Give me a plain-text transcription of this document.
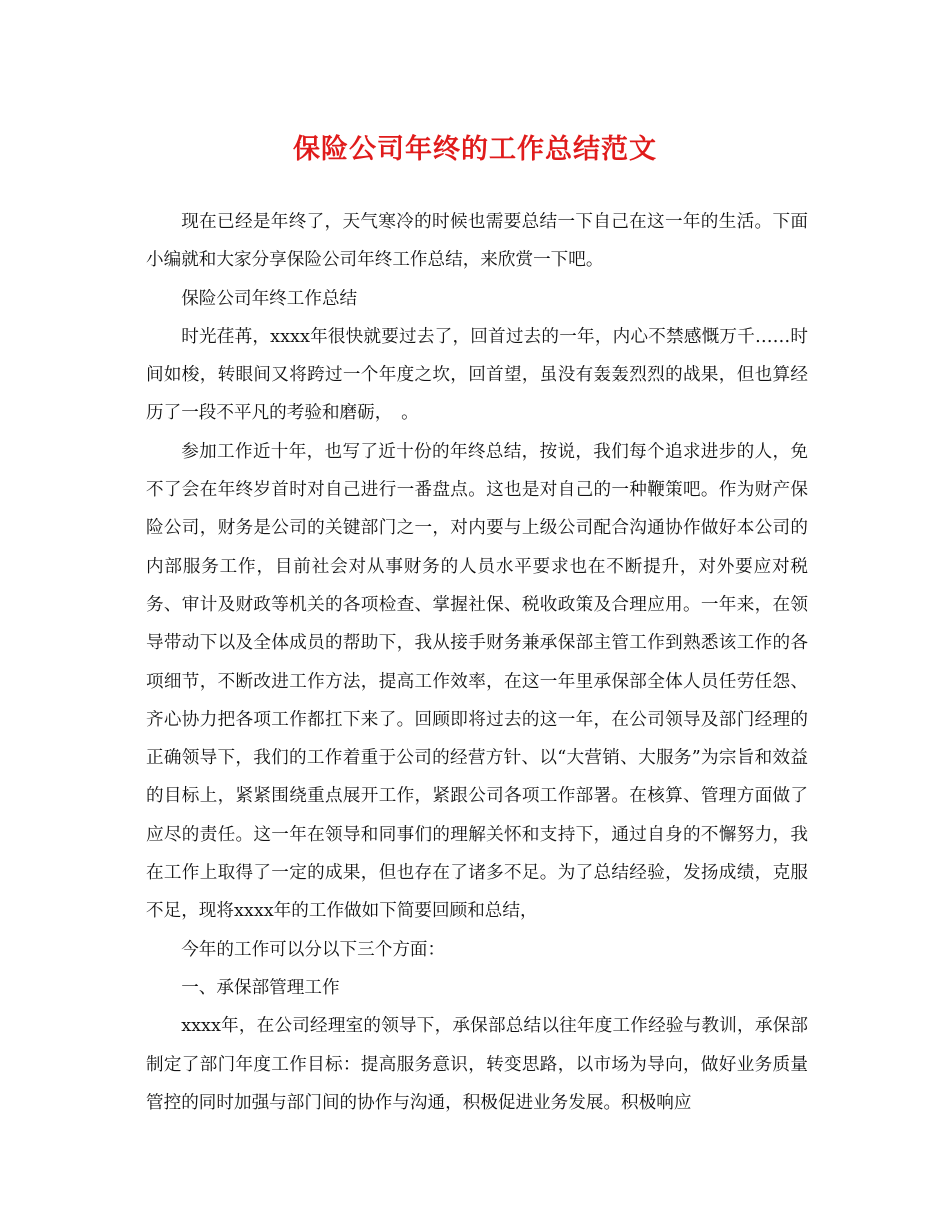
保险公司年终的工作总结范文

现在已经是年终了，天气寒冷的时候也需要总结一下自己在这一年的生活。下面小编就和大家分享保险公司年终工作总结，来欣赏一下吧。

保险公司年终工作总结

时光荏苒，xxxx年很快就要过去了，回首过去的一年，内心不禁感慨万千……时间如梭，转眼间又将跨过一个年度之坎，回首望，虽没有轰轰烈烈的战果，但也算经历了一段不平凡的考验和磨砺，　。

参加工作近十年，也写了近十份的年终总结，按说，我们每个追求进步的人，免不了会在年终岁首时对自己进行一番盘点。这也是对自己的一种鞭策吧。作为财产保险公司，财务是公司的关键部门之一，对内要与上级公司配合沟通协作做好本公司的内部服务工作，目前社会对从事财务的人员水平要求也在不断提升，对外要应对税务、审计及财政等机关的各项检查、掌握社保、税收政策及合理应用。一年来，在领导带动下以及全体成员的帮助下，我从接手财务兼承保部主管工作到熟悉该工作的各项细节，不断改进工作方法，提高工作效率，在这一年里承保部全体人员任劳任怨、齐心协力把各项工作都扛下来了。回顾即将过去的这一年，在公司领导及部门经理的正确领导下，我们的工作着重于公司的经营方针、以“大营销、大服务”为宗旨和效益的目标上，紧紧围绕重点展开工作，紧跟公司各项工作部署。在核算、管理方面做了应尽的责任。这一年在领导和同事们的理解关怀和支持下，通过自身的不懈努力，我在工作上取得了一定的成果，但也存在了诸多不足。为了总结经验，发扬成绩，克服不足，现将xxxx年的工作做如下简要回顾和总结，

今年的工作可以分以下三个方面：

一、承保部管理工作

xxxx年，在公司经理室的领导下，承保部总结以往年度工作经验与教训，承保部制定了部门年度工作目标：提高服务意识，转变思路，以市场为导向，做好业务质量管控的同时加强与部门间的协作与沟通，积极促进业务发展。积极响应
